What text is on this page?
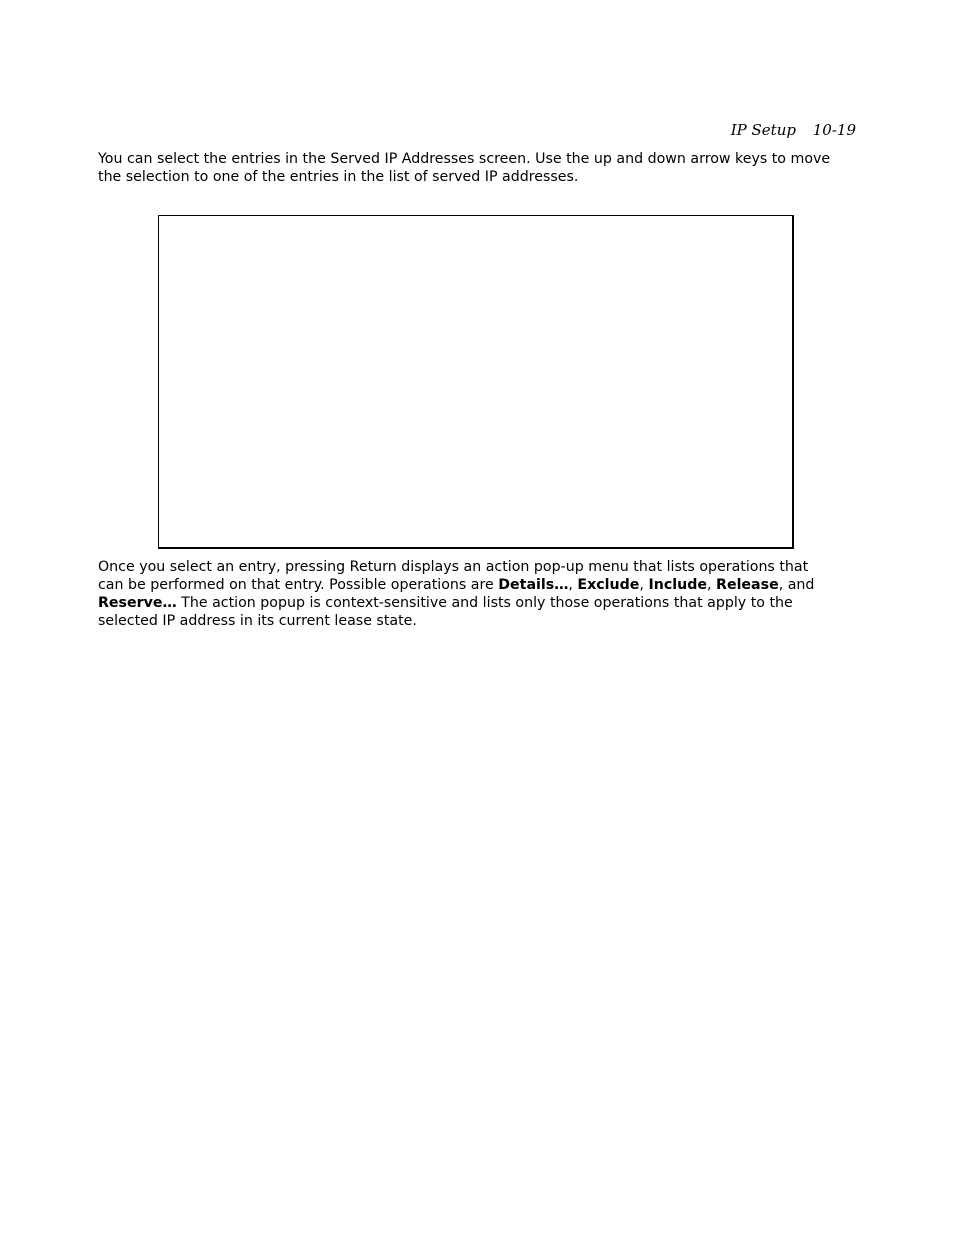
IP Setup 10-19

You can select the entries in the Served IP Addresses screen. Use the up and down arrow keys to move the selection to one of the entries in the list of served IP addresses.

Once you select an entry, pressing Return displays an action pop-up menu that lists operations that can be performed on that entry. Possible operations are Details…, Exclude, Include, Release, and Reserve… The action popup is context-sensitive and lists only those operations that apply to the selected IP address in its current lease state.
